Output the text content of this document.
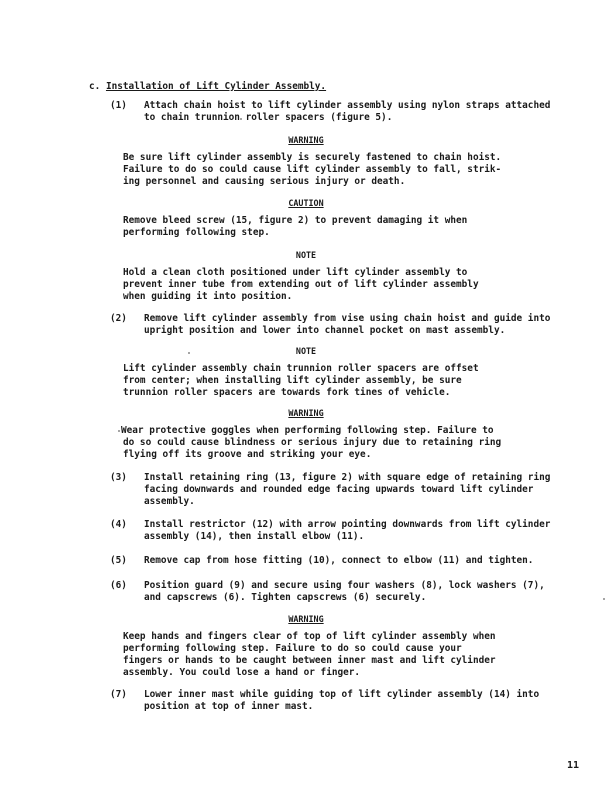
c. Installation of Lift Cylinder Assembly.

(1) Attach chain hoist to lift cylinder assembly using nylon straps attached

to chain trunnion roller spacers (figure 5).

WARNING

Be sure lift cylinder assembly is securely fastened to chain hoist.

Failure to do so could cause lift cylinder assembly to fall, strik-

ing personnel and causing serious injury or death.

CAUTION

Remove bleed screw (15, figure 2) to prevent damaging it when

performing following step.

NOTE

Hold a clean cloth positioned under lift cylinder assembly to

prevent inner tube from extending out of lift cylinder assembly

when guiding it into position.

(2) Remove lift cylinder assembly from vise using chain hoist and guide into

upright position and lower into channel pocket on mast assembly.

NOTE

Lift cylinder assembly chain trunnion roller spacers are offset

from center; when installing lift cylinder assembly, be sure

trunnion roller spacers are towards fork tines of vehicle.

WARNING

Wear protective goggles when performing following step. Failure to

do so could cause blindness or serious injury due to retaining ring

flying off its groove and striking your eye.

(3) Install retaining ring (13, figure 2) with square edge of retaining ring

facing downwards and rounded edge facing upwards toward lift cylinder

assembly.

(4) Install restrictor (12) with arrow pointing downwards from lift cylinder

assembly (14), then install elbow (11).

(5) Remove cap from hose fitting (10), connect to elbow (11) and tighten.

(6) Position guard (9) and secure using four washers (8), lock washers (7),

and capscrews (6). Tighten capscrews (6) securely.

WARNING

Keep hands and fingers clear of top of lift cylinder assembly when

performing following step. Failure to do so could cause your

fingers or hands to be caught between inner mast and lift cylinder

assembly. You could lose a hand or finger.

(7) Lower inner mast while guiding top of lift cylinder assembly (14) into

position at top of inner mast.

11
